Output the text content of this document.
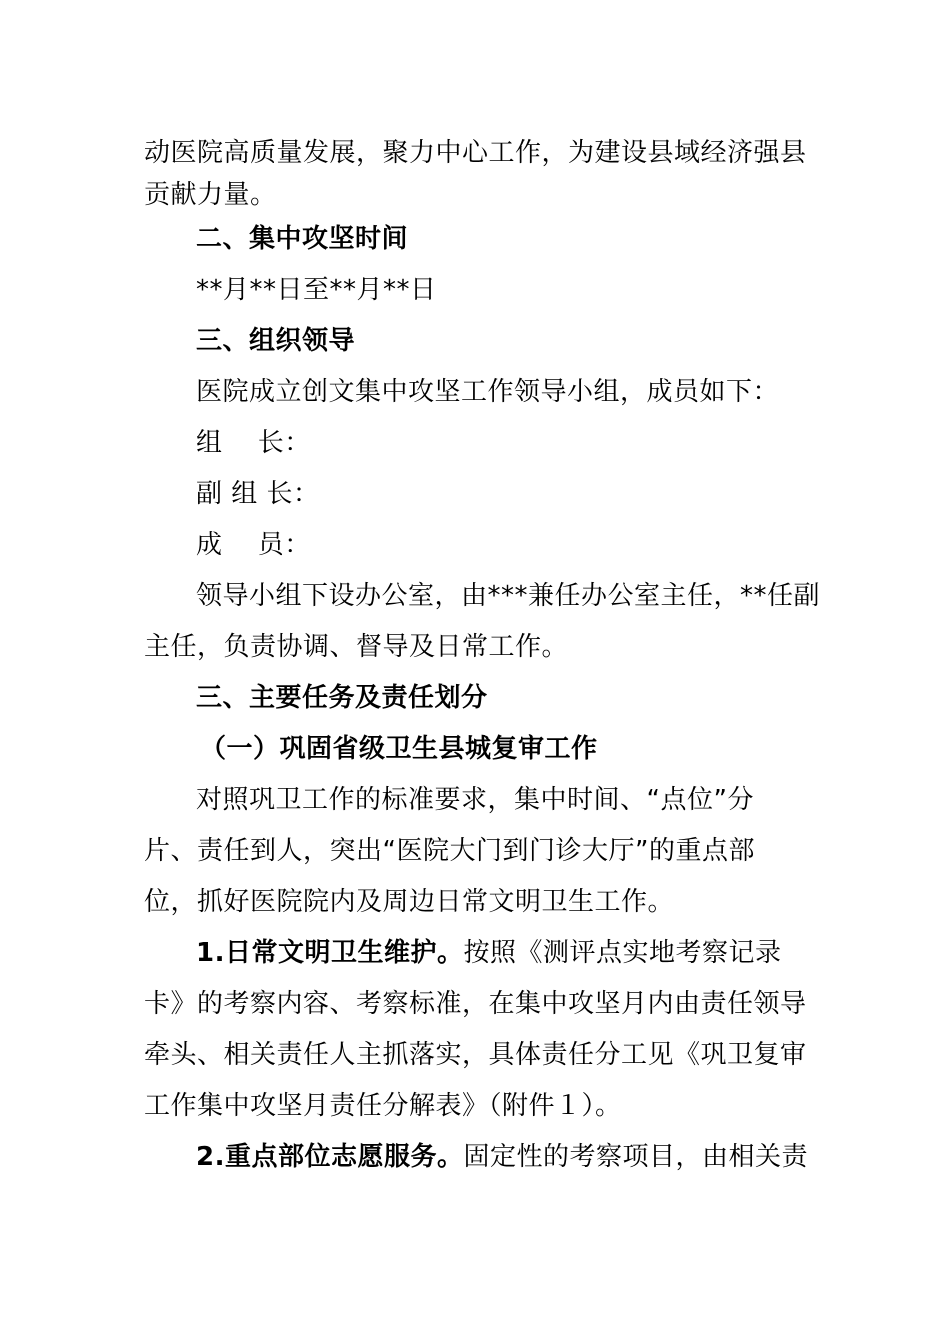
动医院高质量发展，聚力中心工作，为建设县域经济强县
贡献力量。
二、集中攻坚时间
**月**日至**月**日
三、组织领导
医院成立创文集中攻坚工作领导小组，成员如下：
组　 长：
副 组 长：
成　 员：
领导小组下设办公室，由***兼任办公室主任，**任副
主任，负责协调、督导及日常工作。
三、主要任务及责任划分
（一）巩固省级卫生县城复审工作
对照巩卫工作的标准要求，集中时间、“点位”分
片、责任到人，突出“医院大门到门诊大厅”的重点部
位，抓好医院院内及周边日常文明卫生工作。
1.日常文明卫生维护。按照《测评点实地考察记录
卡》的考察内容、考察标准，在集中攻坚月内由责任领导
牵头、相关责任人主抓落实，具体责任分工见《巩卫复审
工作集中攻坚月责任分解表》（附件１）。
2.重点部位志愿服务。固定性的考察项目，由相关责
